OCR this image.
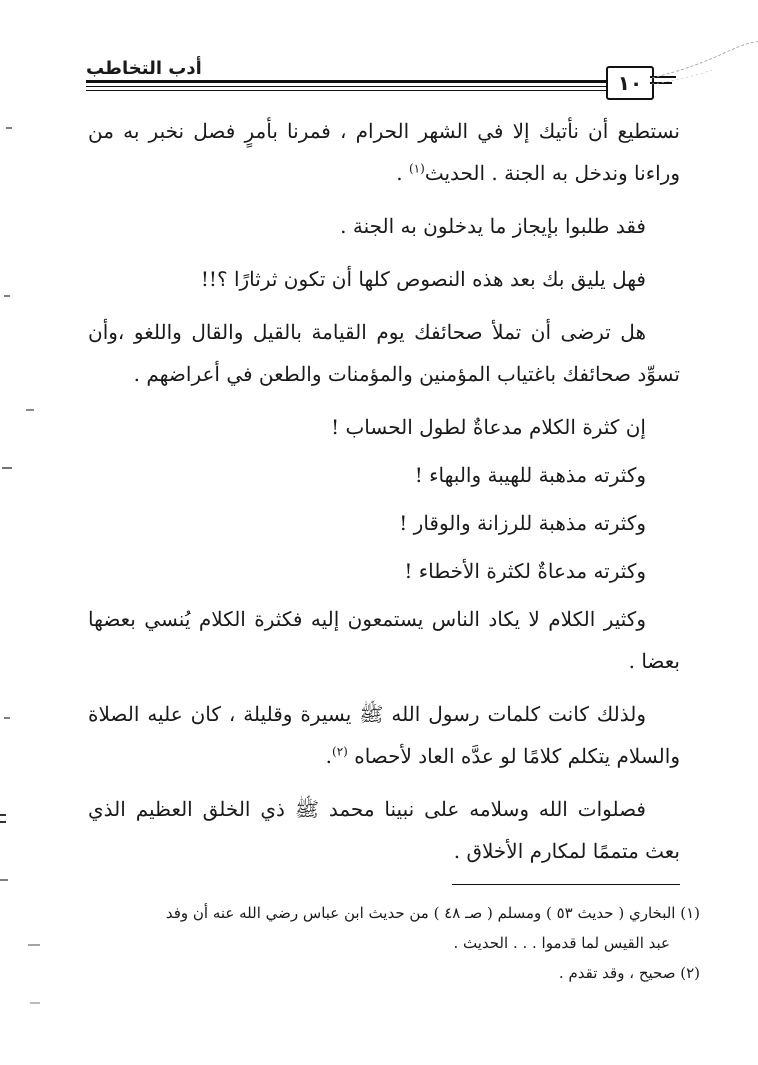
أدب التخاطب
١٠

نستطيع أن نأتيك إلا في الشهر الحرام ، فمرنا بأمرٍ فصل نخبر به من وراءنا وندخل به الجنة . الحديث$^{(١)}$ .

فقد طلبوا بإيجاز ما يدخلون به الجنة .

فهل يليق بك بعد هذه النصوص كلها أن تكون ثرثارًا ؟!!

هل ترضى أن تملأ صحائفك يوم القيامة بالقيل والقال واللغو ،وأن تسوِّد صحائفك باغتياب المؤمنين والمؤمنات والطعن في أعراضهم .

إن كثرة الكلام مدعاةٌ لطول الحساب !

وكثرته مذهبة للهيبة والبهاء !

وكثرته مذهبة للرزانة والوقار !

وكثرته مدعاةٌ لكثرة الأخطاء !

وكثير الكلام لا يكاد الناس يستمعون إليه فكثرة الكلام يُنسي بعضها بعضا .

ولذلك كانت كلمات رسول الله ﷺ يسيرة وقليلة ، كان عليه الصلاة والسلام يتكلم كلامًا لو عدَّه العاد لأحصاه $^{(٢)}$.

فصلوات الله وسلامه على نبينا محمد ﷺ ذي الخلق العظيم الذي بعث متممًا لمكارم الأخلاق .

(١) البخاري ( حديث ٥٣ ) ومسلم ( صـ ٤٨ ) من حديث ابن عباس رضي الله عنه أن وفد

عبد القيس لما قدموا . . . الحديث .

(٢) صحيح ، وقد تقدم .
